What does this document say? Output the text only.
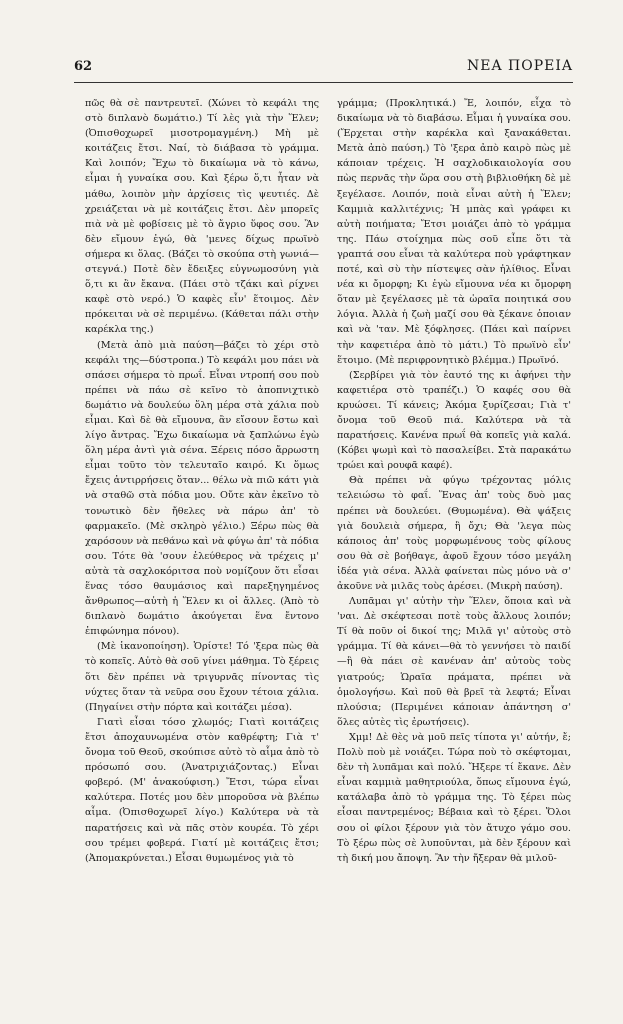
62	ΝΕΑ ΠΟΡΕΙΑ

πῶς θὰ σὲ παντρευτεῖ. (Χώνει τὸ κεφάλι της στὸ διπλανὸ δωμάτιο.) Τί λὲς γιὰ τὴν Ἕλεν; (Ὀπισθοχωρεῖ μισοτρομαγμένη.) Μὴ μὲ κοιτάζεις ἔτσι. Ναί, τὸ διάβασα τὸ γράμμα. Καὶ λοιπόν; Ἔχω τὸ δικαίωμα νὰ τὸ κάνω, εἶμαι ἡ γυναίκα σου. Καὶ ξέρω ὅ,τι ἦταν νὰ μάθω, λοιπὸν μὴν ἀρχίσεις τὶς ψευτιές. Δὲ χρειάζεται νὰ μὲ κοιτάζεις ἔτσι. Δὲν μπορεῖς πιὰ νὰ μὲ φοβίσεις μὲ τὸ ἄγριο ὕφος σου. Ἂν δὲν εἴμουν ἐγώ, θὰ 'μενες δίχως πρωϊνὸ σήμερα κι ὅλας. (Βάζει τὸ σκούπα στὴ γωνιά—στεγνά.) Ποτὲ δὲν ἔδειξες εὐγνωμοσύνη γιὰ ὅ,τι κι ἂν ἔκανα. (Πάει στὸ τζάκι καὶ ρίχνει καφὲ στὸ νερό.) Ὁ καφὲς εἶν' ἕτοιμος. Δὲν πρόκειται νὰ σὲ περιμένω. (Κάθεται πάλι στὴν καρέκλα της.)

(Μετὰ ἀπὸ μιὰ παύση—βάζει τὸ χέρι στὸ κεφάλι της—δύστροπα.) Τὸ κεφάλι μου πάει νὰ σπάσει σήμερα τὸ πρωΐ. Εἶναι ντροπή σου ποὺ πρέπει νὰ πάω σὲ κεῖνο τὸ ἀποπνιχτικὸ δωμάτιο νὰ δουλεύω ὅλη μέρα στὰ χάλια ποὺ εἶμαι. Καὶ δὲ θὰ εἴμουνα, ἂν εἴσουν ἔστω καὶ λίγο ἄντρας. Ἔχω δικαίωμα νὰ ξαπλώνω ἐγὼ ὅλη μέρα ἀντὶ γιὰ σένα. Ξέρεις πόσο ἄρρωστη εἶμαι τοῦτο τὸν τελευταῖο καιρό. Κι ὅμως ἔχεις ἀντιρρήσεις ὅταν... θέλω νὰ πιῶ κάτι γιὰ νὰ σταθῶ στὰ πόδια μου. Οὔτε κὰν ἐκεῖνο τὸ τονωτικὸ δὲν ἤθελες νὰ πάρω ἀπ' τὸ φαρμακεῖο. (Μὲ σκληρὸ γέλιο.) Ξέρω πὼς θὰ χαρόσουν νὰ πεθάνω καὶ νὰ φύγω ἀπ' τὰ πόδια σου. Τότε θὰ 'σουν ἐλεύθερος νὰ τρέχεις μ' αὐτὰ τὰ σαχλοκόριτσα ποὺ νομίζουν ὅτι εἶσαι ἕνας τόσο θαυμάσιος καὶ παρεξηγημένος ἄνθρωπος—αὐτὴ ἡ Ἕλεν κι οἱ ἄλλες. (Ἀπὸ τὸ διπλανὸ δωμάτιο ἀκούγεται ἕνα ἔντονο ἐπιφώνημα πόνου).

(Μὲ ἱκανοποίηση). Ὁρίστε! Τό 'ξερα πὼς θὰ τὸ κοπεῖς. Αὐτὸ θὰ σοῦ γίνει μάθημα. Τὸ ξέρεις ὅτι δὲν πρέπει νὰ τριγυρνᾶς πίνοντας τὶς νύχτες ὅταν τὰ νεῦρα σου ἔχουν τέτοια χάλια. (Πηγαίνει στὴν πόρτα καὶ κοιτάζει μέσα).

Γιατὶ εἶσαι τόσο χλωμός; Γιατὶ κοιτάζεις ἔτσι ἀποχαυνωμένα στὸν καθρέφτη; Γιὰ τ' ὄνομα τοῦ Θεοῦ, σκούπισε αὐτὸ τὸ αἷμα ἀπὸ τὸ πρόσωπό σου. (Ἀνατριχιάζοντας.) Εἶναι φοβερό. (Μ' ἀνακούφιση.) Ἔτσι, τώρα εἶναι καλύτερα. Ποτές μου δὲν μποροῦσα νὰ βλέπω αἷμα. (Ὀπισθοχωρεῖ λίγο.) Καλύτερα νὰ τὰ παρατήσεις καὶ νὰ πᾶς στὸν κουρέα. Τὸ χέρι σου τρέμει φοβερά. Γιατί μὲ κοιτάζεις ἔτσι; (Ἀπομακρύνεται.) Εἶσαι θυμωμένος γιὰ τὸ

γράμμα; (Προκλητικά.) Ἔ, λοιπόν, εἶχα τὸ δικαίωμα νὰ τὸ διαβάσω. Εἶμαι ἡ γυναίκα σου. (Ἔρχεται στὴν καρέκλα καὶ ξανακάθεται. Μετὰ ἀπὸ παύση.) Τὸ 'ξερα ἀπὸ καιρὸ πὼς μὲ κάποιαν τρέχεις. Ἡ σαχλοδικαιολογία σου πὼς περνᾶς τὴν ὥρα σου στὴ βιβλιοθήκη δὲ μὲ ξεγέλασε. Λοιπόν, ποιὰ εἶναι αὐτὴ ἡ Ἕλεν; Καμμιὰ καλλιτέχνις; Ἡ μπὰς καὶ γράφει κι αὐτὴ ποιήματα; Ἔτσι μοιάζει ἀπὸ τὸ γράμμα της. Πάω στοίχημα πὼς σοῦ εἶπε ὅτι τὰ γραπτά σου εἶναι τὰ καλύτερα ποὺ γράφτηκαν ποτέ, καὶ σὺ τὴν πίστεψες σὰν ἠλίθιος. Εἶναι νέα κι ὄμορφη; Κι ἐγὼ εἴμουνα νέα κι ὄμορφη ὅταν μὲ ξεγέλασες μὲ τὰ ὡραῖα ποιητικά σου λόγια. Ἀλλὰ ἡ ζωὴ μαζί σου θὰ ξέκανε ὁποιαν καὶ νὰ 'ταν. Μὲ ξόφλησες. (Πάει καὶ παίρνει τὴν καφετιέρα ἀπὸ τὸ μάτι.) Τὸ πρωϊνὸ εἶν' ἕτοιμο. (Μὲ περιφρονητικὸ βλέμμα.) Πρωϊνό.

(Σερβίρει γιὰ τὸν ἑαυτό της κι ἀφήνει τὴν καφετιέρα στὸ τραπέζι.) Ὁ καφές σου θὰ κρυώσει. Τί κάνεις; Ἀκόμα ξυρίζεσαι; Γιὰ τ' ὄνομα τοῦ Θεοῦ πιά. Καλύτερα νὰ τὰ παρατήσεις. Κανένα πρωΐ θὰ κοπεῖς γιὰ καλά. (Κόβει ψωμὶ καὶ τὸ πασαλείβει. Στὰ παρακάτω τρώει καὶ ρουφᾶ καφέ).

Θὰ πρέπει νὰ φύγω τρέχοντας μόλις τελειώσω τὸ φαΐ. Ἕνας ἀπ' τοὺς δυὸ μας πρέπει νὰ δουλεύει. (Θυμωμένα). Θὰ ψάξεις γιὰ δουλειὰ σήμερα, ἢ ὄχι; Θὰ 'λεγα πὼς κάποιος ἀπ' τοὺς μορφωμένους τοὺς φίλους σου θὰ σὲ βοήθαγε, ἀφοῦ ἔχουν τόσο μεγάλη ἰδέα γιὰ σένα. Ἀλλὰ φαίνεται πὼς μόνο νὰ σ' ἀκοῦνε νὰ μιλᾶς τοὺς ἀρέσει. (Μικρὴ παύση).

Λυπᾶμαι γι' αὐτὴν τὴν Ἕλεν, ὅποια καὶ νὰ 'ναι. Δὲ σκέφτεσαι ποτὲ τοὺς ἄλλους λοιπόν; Τί θὰ ποῦν οἱ δικοί της; Μιλᾶ γι' αὐτοὺς στὸ γράμμα. Τί θὰ κάνει—θὰ τὸ γεννήσει τὸ παιδί—ἢ θὰ πάει σὲ κανέναν ἀπ' αὐτοὺς τοὺς γιατρούς; Ὡραῖα πράματα, πρέπει νὰ ὁμολογήσω. Καὶ ποῦ θὰ βρεῖ τὰ λεφτά; Εἶναι πλούσια; (Περιμένει κάποιαν ἀπάντηση σ' ὅλες αὐτὲς τὶς ἐρωτήσεις).

Χμμ! Δὲ θὲς νὰ μοῦ πεῖς τίποτα γι' αὐτήν, ἔ; Πολὺ ποὺ μὲ νοιάζει. Τώρα ποὺ τὸ σκέφτομαι, δὲν τὴ λυπᾶμαι καὶ πολύ. Ἤξερε τί ἔκανε. Δὲν εἶναι καμμιὰ μαθητριούλα, ὅπως εἴμουνα ἐγώ, κατάλαβα ἀπὸ τὸ γράμμα της. Τὸ ξέρει πὼς εἶσαι παντρεμένος; Βέβαια καὶ τὸ ξέρει. Ὅλοι σου οἱ φίλοι ξέρουν γιὰ τὸν ἄτυχο γάμο σου. Τὸ ξέρω πὼς σὲ λυποῦνται, μὰ δὲν ξέρουν καὶ τὴ δική μου ἄποψη. Ἂν τὴν ἤξεραν θὰ μιλοῦ-
